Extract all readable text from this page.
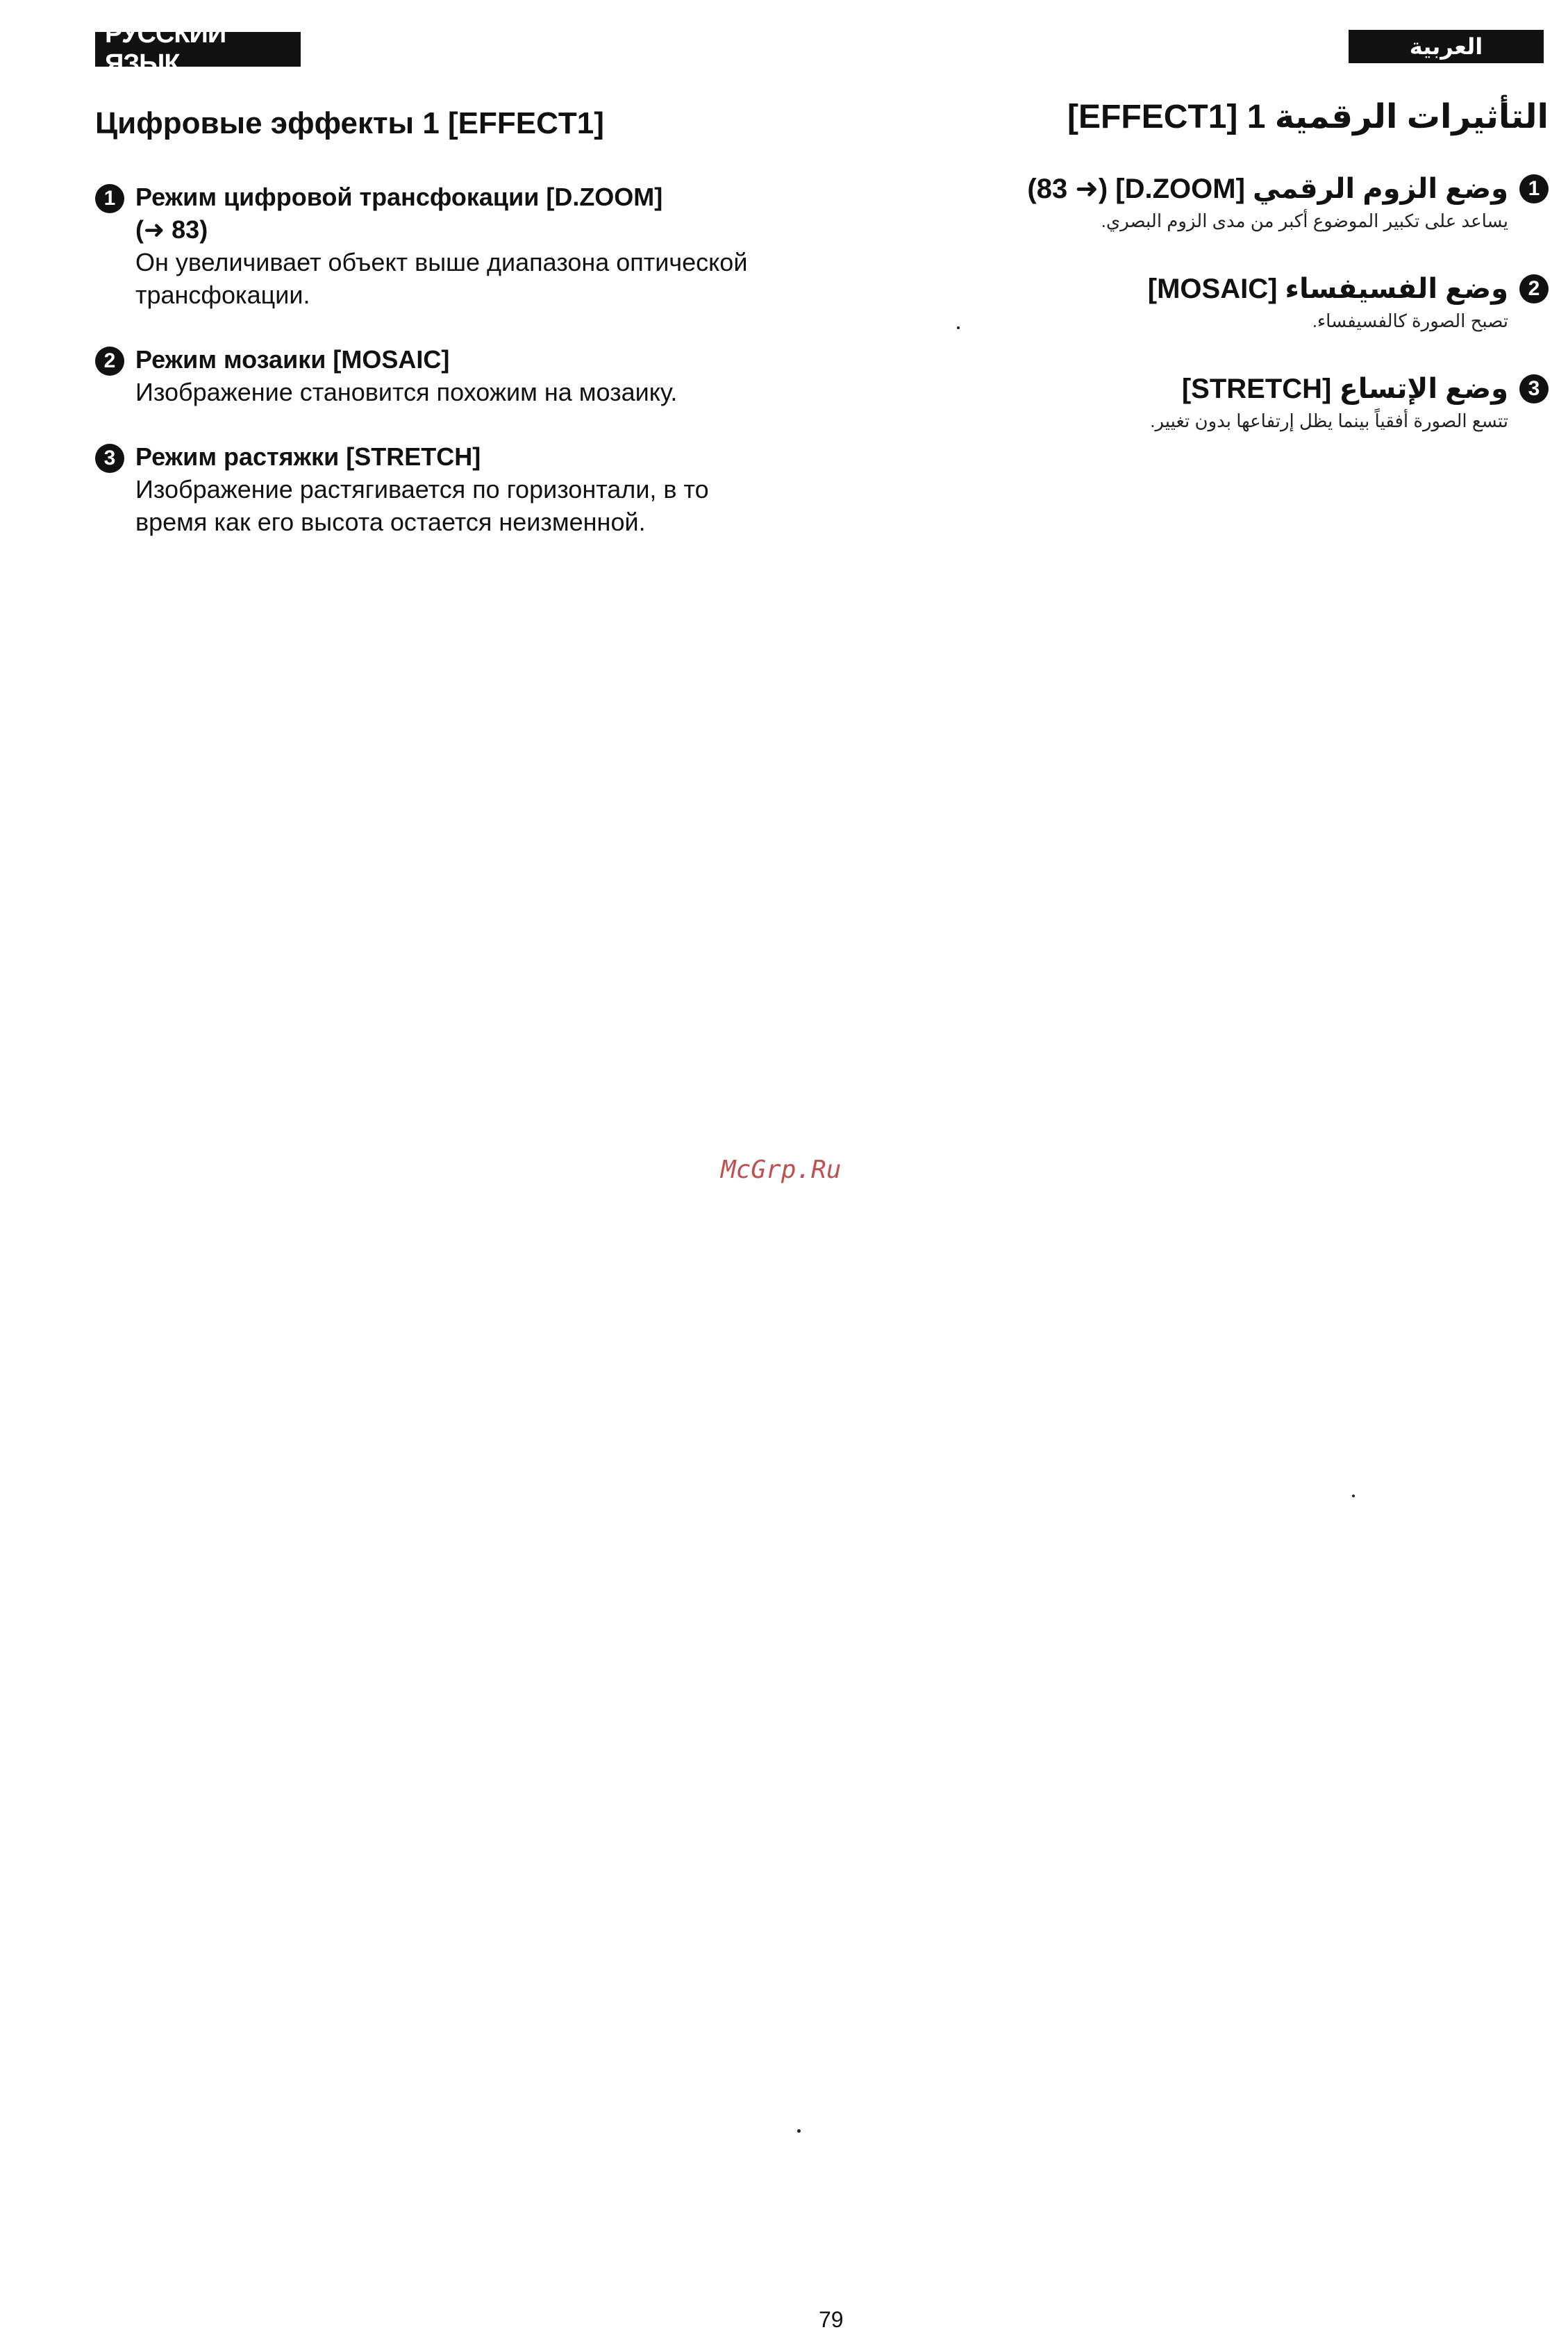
РУССКИЙ ЯЗЫК
العربية
Цифровые эффекты 1 [EFFECT1]
1 Режим цифровой трансфокации [D.ZOOM]
(➜ 83)
Он увеличивает объект выше диапазона оптической трансфокации.
2 Режим мозаики [MOSAIC]
Изображение становится похожим на мозаику.
3 Режим растяжки [STRETCH]
Изображение растягивается по горизонтали, в то время как его высота остается неизменной.
التأثيرات الرقمية 1 [EFFECT1]
1
وضع الزوم الرقمي [D.ZOOM] (➜ 83)
يساعد على تكبير الموضوع أكبر من مدى الزوم البصري.
2
وضع الفسيفساء [MOSAIC]
تصبح الصورة كالفسيفساء.
3
وضع الإتساع [STRETCH]
تتسع الصورة أفقياً بينما يظل إرتفاعها بدون تغيير.
McGrp.Ru
79
